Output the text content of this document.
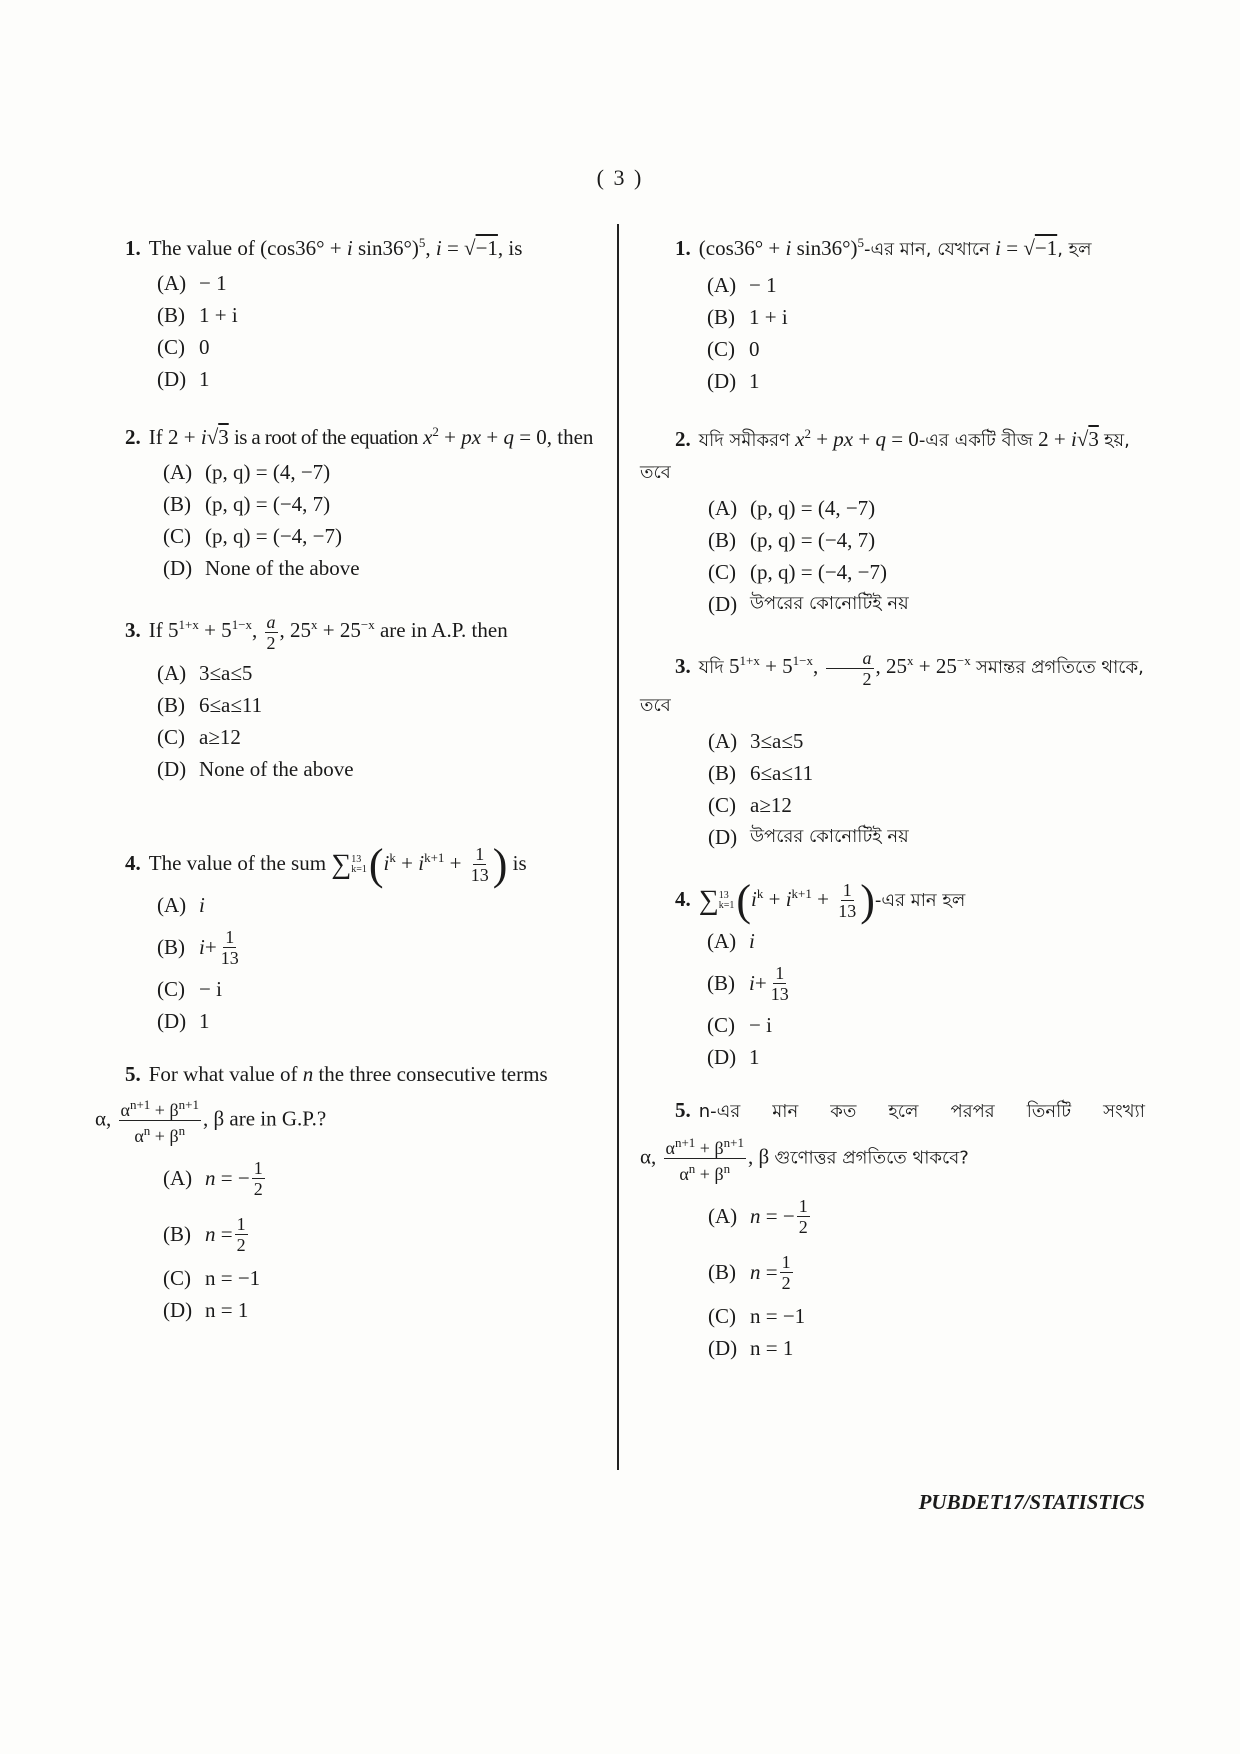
( 3 )
1. The value of (cos36° + i sin36°)$^5$, i = √−1, is
(A) − 1
(B) 1 + i
(C) 0
(D) 1
2. If 2 + i√3 is a root of the equation $x^2$ + px + q = 0, then
(A) (p, q) = (4, −7)
(B) (p, q) = (−4, 7)
(C) (p, q) = (−4, −7)
(D) None of the above
3. If $5^{1+x} + 5^{1-x}$, $\frac{a}{2}$ , $25^x + 25^{-x}$ are in A.P. then
(A) 3≤a≤5
(B) 6≤a≤11
(C) a≥12
(D) None of the above
4. The value of the sum ∑ 13
k=1 ($i^k + i^{k+1} + \frac{1}{13}$ ) is
(A) i
(B) $i + \frac{1}{13}$
(C) − i
(D) 1
5. For what value of n the three consecutive terms
α, $\frac{\alpha^{n+1} + \beta^{n+1}}{\alpha^n + \beta^n}$ , β are in G.P.?
(A) n = − $\frac{1}{2}$
(B) $n = \frac{1}{2}$
(C) n = −1
(D) n = 1
1. (cos36° + i sin36°)$^5$-এর মান, যেখানে i = √−1, হল
(A) − 1
(B) 1 + i
(C) 0
(D) 1
2. যদি সমীকরণ $x^2$ + px + q = 0-এর একটি বীজ 2 + i√3 হয়, তবে
(A) (p, q) = (4, −7)
(B) (p, q) = (−4, 7)
(C) (p, q) = (−4, −7)
(D) উপরের কোনোটিই নয়
3. যদি $5^{1+x} + 5^{1-x}$, $\frac{a}{2}$ , $25^x + 25^{-x}$ সমান্তর প্রগতিতে থাকে, তবে
(A) 3≤a≤5
(B) 6≤a≤11
(C) a≥12
(D) উপরের কোনোটিই নয়
4. ∑ 13
k=1 ($i^k + i^{k+1} + \frac{1}{13}$ )-এর মান হল
(A) i
(B) $i + \frac{1}{13}$
(C) − i
(D) 1
5. n-এর মান কত হলে পরপর তিনটি সংখ্যা
α, $\frac{\alpha^{n+1} + \beta^{n+1}}{\alpha^n + \beta^n}$ , β গুণোত্তর প্রগতিতে থাকবে?
(A) n = − $\frac{1}{2}$
(B) $n = \frac{1}{2}$
(C) n = −1
(D) n = 1
PUBDET17/STATISTICS
